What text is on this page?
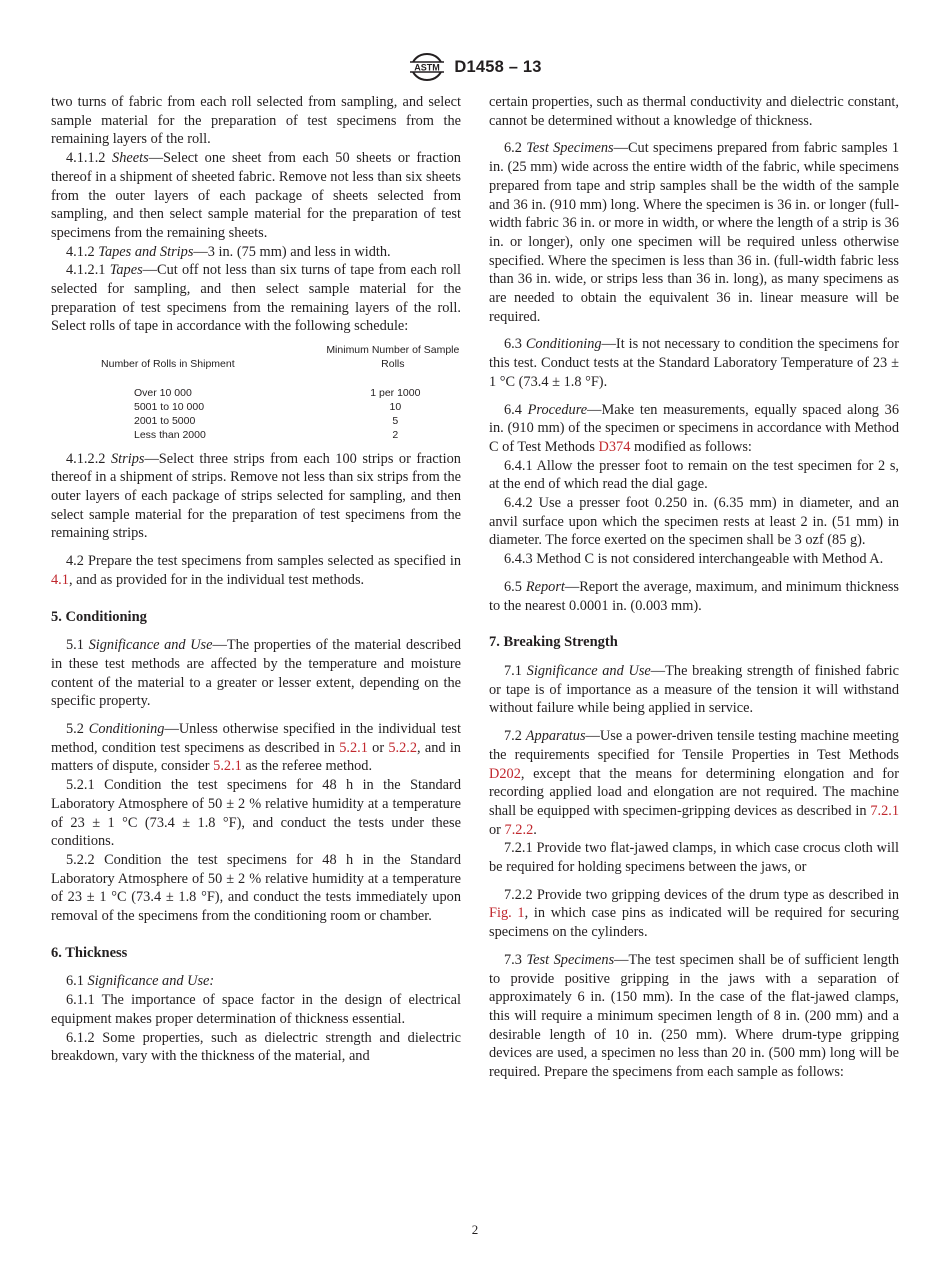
ASTM D1458 – 13

two turns of fabric from each roll selected from sampling, and select sample material for the preparation of test specimens from the remaining layers of the roll.

4.1.1.2 Sheets—Select one sheet from each 50 sheets or fraction thereof in a shipment of sheeted fabric. Remove not less than six sheets from the outer layers of each package of sheets selected from sampling, and then select sample material for the preparation of test specimens from the remaining sheets.

4.1.2 Tapes and Strips—3 in. (75 mm) and less in width.

4.1.2.1 Tapes—Cut off not less than six turns of tape from each roll selected for sampling, and then select sample material for the preparation of test specimens from the remaining layers of the roll. Select rolls of tape in accordance with the following schedule:

Number of Rolls in Shipment	Minimum Number of Sample Rolls
Over 10 000	1 per 1000
5001 to 10 000	10
2001 to 5000	5
Less than 2000	2

4.1.2.2 Strips—Select three strips from each 100 strips or fraction thereof in a shipment of strips. Remove not less than six strips from the outer layers of each package of strips selected for sampling, and then select sample material for the preparation of test specimens from the remaining strips.

4.2 Prepare the test specimens from samples selected as specified in 4.1, and as provided for in the individual test methods.

5. Conditioning

5.1 Significance and Use—The properties of the material described in these test methods are affected by the temperature and moisture content of the material to a greater or lesser extent, depending on the specific property.

5.2 Conditioning—Unless otherwise specified in the individual test method, condition test specimens as described in 5.2.1 or 5.2.2, and in matters of dispute, consider 5.2.1 as the referee method.

5.2.1 Condition the test specimens for 48 h in the Standard Laboratory Atmosphere of 50 ± 2 % relative humidity at a temperature of 23 ± 1 °C (73.4 ± 1.8 °F), and conduct the tests under these conditions.

5.2.2 Condition the test specimens for 48 h in the Standard Laboratory Atmosphere of 50 ± 2 % relative humidity at a temperature of 23 ± 1 °C (73.4 ± 1.8 °F), and conduct the tests immediately upon removal of the specimens from the conditioning room or chamber.

6. Thickness

6.1 Significance and Use:

6.1.1 The importance of space factor in the design of electrical equipment makes proper determination of thickness essential.

6.1.2 Some properties, such as dielectric strength and dielectric breakdown, vary with the thickness of the material, and

certain properties, such as thermal conductivity and dielectric constant, cannot be determined without a knowledge of thickness.

6.2 Test Specimens—Cut specimens prepared from fabric samples 1 in. (25 mm) wide across the entire width of the fabric, while specimens prepared from tape and strip samples shall be the width of the sample and 36 in. (910 mm) long. Where the specimen is 36 in. or longer (full-width fabric 36 in. or more in width, or where the length of a strip is 36 in. or longer), only one specimen will be required unless otherwise specified. Where the specimen is less than 36 in. (full-width fabric less than 36 in. wide, or strips less than 36 in. long), as many specimens as are needed to obtain the equivalent 36 in. linear measure will be required.

6.3 Conditioning—It is not necessary to condition the specimens for this test. Conduct tests at the Standard Laboratory Temperature of 23 ± 1 °C (73.4 ± 1.8 °F).

6.4 Procedure—Make ten measurements, equally spaced along 36 in. (910 mm) of the specimen or specimens in accordance with Method C of Test Methods D374 modified as follows:

6.4.1 Allow the presser foot to remain on the test specimen for 2 s, at the end of which read the dial gage.

6.4.2 Use a presser foot 0.250 in. (6.35 mm) in diameter, and an anvil surface upon which the specimen rests at least 2 in. (51 mm) in diameter. The force exerted on the specimen shall be 3 ozf (85 g).

6.4.3 Method C is not considered interchangeable with Method A.

6.5 Report—Report the average, maximum, and minimum thickness to the nearest 0.0001 in. (0.003 mm).

7. Breaking Strength

7.1 Significance and Use—The breaking strength of finished fabric or tape is of importance as a measure of the tension it will withstand without failure while being applied in service.

7.2 Apparatus—Use a power-driven tensile testing machine meeting the requirements specified for Tensile Properties in Test Methods D202, except that the means for determining elongation and for recording applied load and elongation are not required. The machine shall be equipped with specimen-gripping devices as described in 7.2.1 or 7.2.2.

7.2.1 Provide two flat-jawed clamps, in which case crocus cloth will be required for holding specimens between the jaws, or

7.2.2 Provide two gripping devices of the drum type as described in Fig. 1, in which case pins as indicated will be required for securing specimens on the cylinders.

7.3 Test Specimens—The test specimen shall be of sufficient length to provide positive gripping in the jaws with a separation of approximately 6 in. (150 mm). In the case of the flat-jawed clamps, this will require a minimum specimen length of 8 in. (200 mm) and a desirable length of 10 in. (250 mm). Where drum-type gripping devices are used, a specimen no less than 20 in. (500 mm) long will be required. Prepare the specimens from each sample as follows:

2
